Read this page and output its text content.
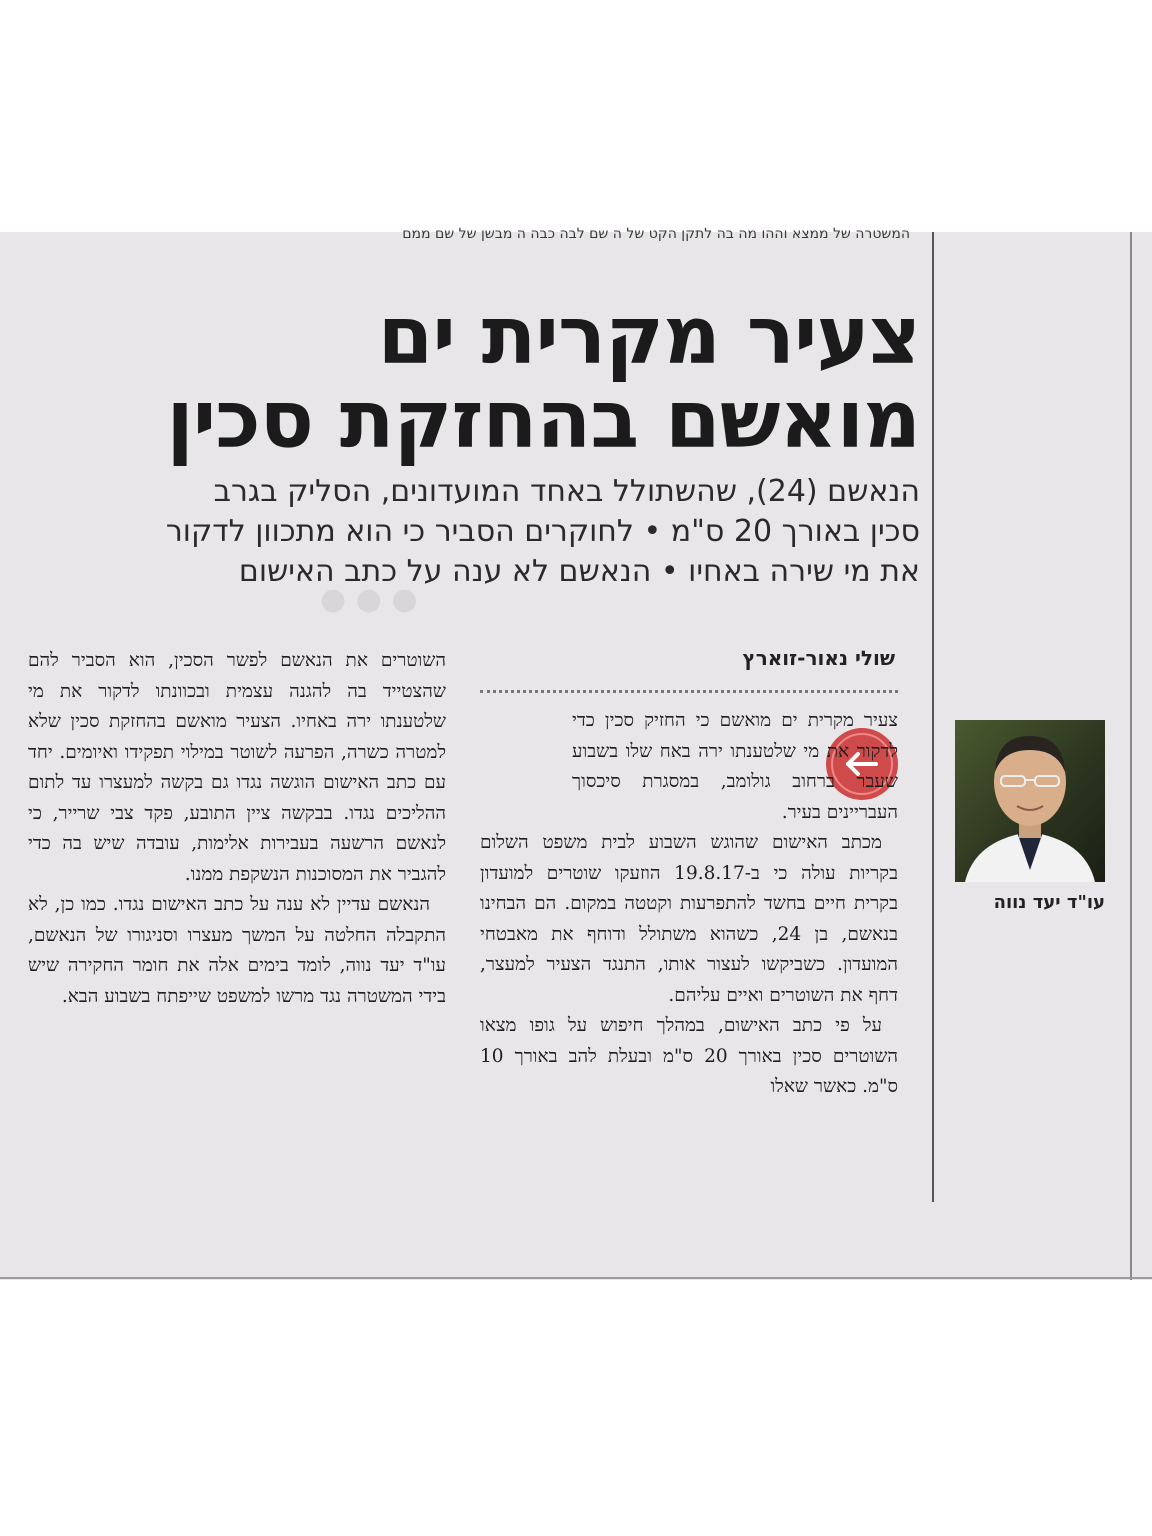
המשטרה של ממצא וההו מה בה לתקן הקט של ה שם לבה כבה ה מבשן של שם ממם
● ● ●
צעיר מקרית ים
מואשם בהחזקת סכין
הנאשם (24), שהשתולל באחד המועדונים, הסליק בגרב
סכין באורך 20 ס"מ • לחוקרים הסביר כי הוא מתכוון לדקור
את מי שירה באחיו • הנאשם לא ענה על כתב האישום
שולי נאור-זוארץ

צעיר מקרית ים מואשם כי החזיק סכין כדי לדקור את מי שלטענתו ירה באח שלו בשבוע שעבר ברחוב גולומב, במסגרת סיכסוך העבריינים בעיר.

מכתב האישום שהוגש השבוע לבית משפט השלום בקריות עולה כי ב-19.8.17 הוזעקו שוטרים למועדון בקרית חיים בחשד להתפרעות וקטטה במקום. הם הבחינו בנאשם, בן 24, כשהוא משתולל ודוחף את מאבטחי המועדון. כשביקשו לעצור אותו, התנגד הצעיר למעצר, דחף את השוטרים ואיים עליהם.

על פי כתב האישום, במהלך חיפוש על גופו מצאו השוטרים סכין באורך 20 ס"מ ובעלת להב באורך 10 ס"מ. כאשר שאלו

השוטרים את הנאשם לפשר הסכין, הוא הסביר להם שהצטייד בה להגנה עצמית ובכוונתו לדקור את מי שלטענתו ירה באחיו. הצעיר מואשם בהחזקת סכין שלא למטרה כשרה, הפרעה לשוטר במילוי תפקידו ואיומים. יחד עם כתב האישום הוגשה נגדו גם בקשה למעצרו עד לתום ההליכים נגדו. בבקשה ציין התובע, פקד צבי שרייר, כי לנאשם הרשעה בעבירות אלימות, עובדה שיש בה כדי להגביר את המסוכנות הנשקפת ממנו.

הנאשם עדיין לא ענה על כתב האישום נגדו. כמו כן, לא התקבלה החלטה על המשך מעצרו וסניגורו של הנאשם, עו"ד יעד נווה, לומד בימים אלה את חומר החקירה שיש בידי המשטרה נגד מרשו למשפט שייפתח בשבוע הבא.

עו"ד יעד נווה
